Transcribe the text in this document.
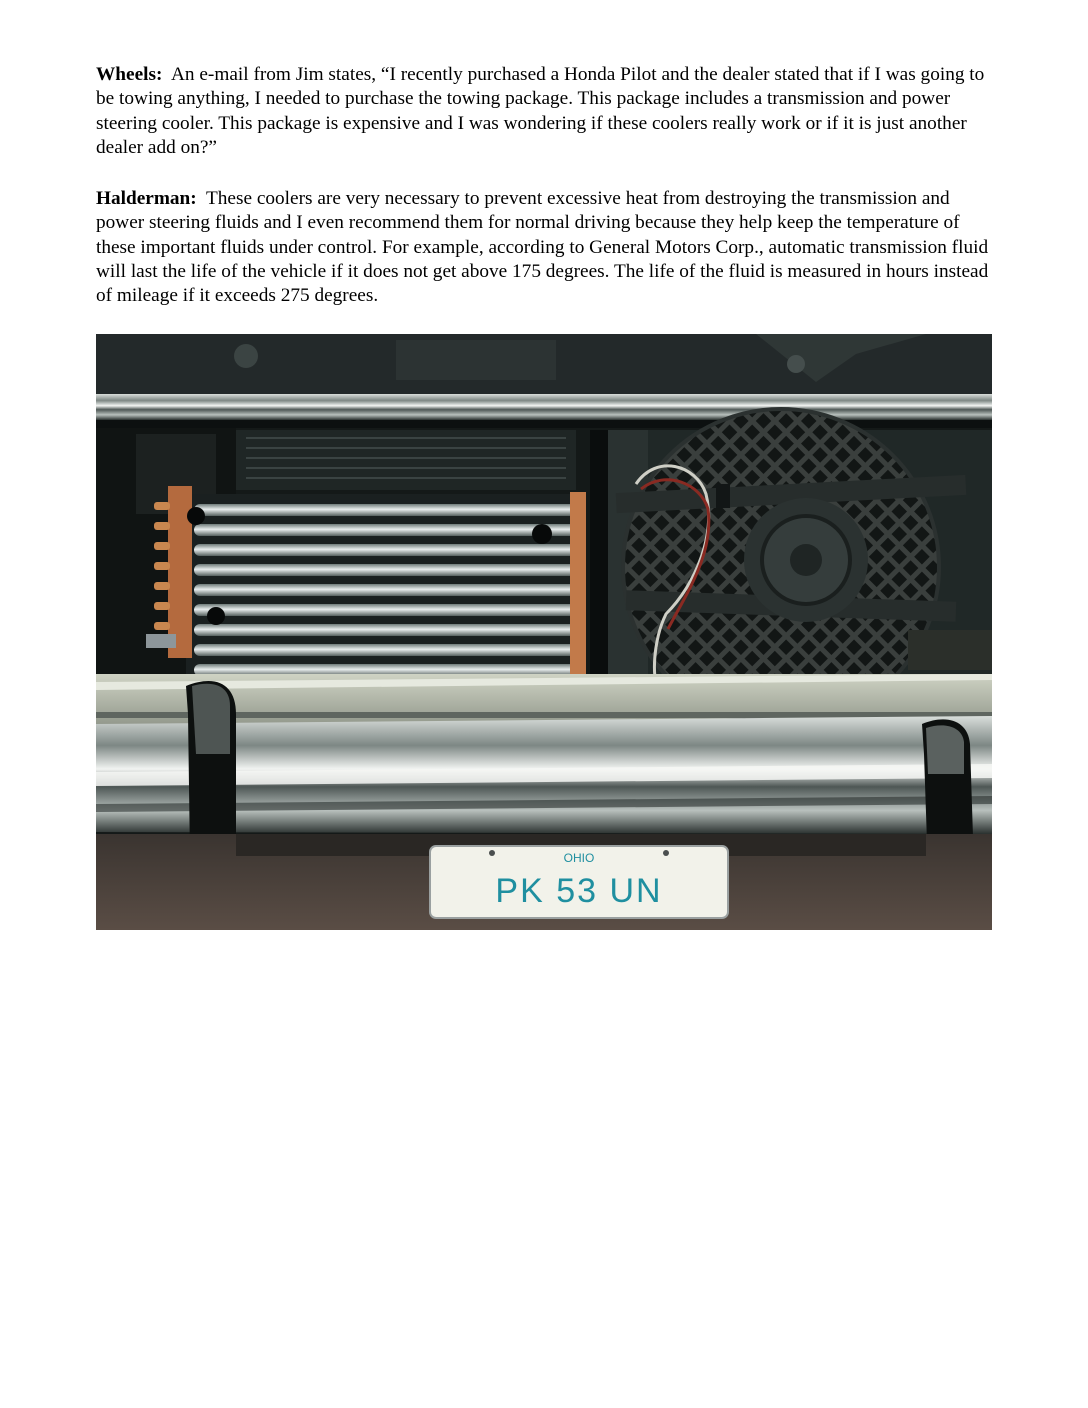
Wheels: An e-mail from Jim states, “I recently purchased a Honda Pilot and the dealer stated that if I was going to be towing anything, I needed to purchase the towing package. This package includes a transmission and power steering cooler. This package is expensive and I was wondering if these coolers really work or if it is just another dealer add on?”

Halderman: These coolers are very necessary to prevent excessive heat from destroying the transmission and power steering fluids and I even recommend them for normal driving because they help keep the temperature of these important fluids under control. For example, according to General Motors Corp., automatic transmission fluid will last the life of the vehicle if it does not get above 175 degrees. The life of the fluid is measured in hours instead of mileage if it exceeds 275 degrees.

OHIO
PK 53 UN
